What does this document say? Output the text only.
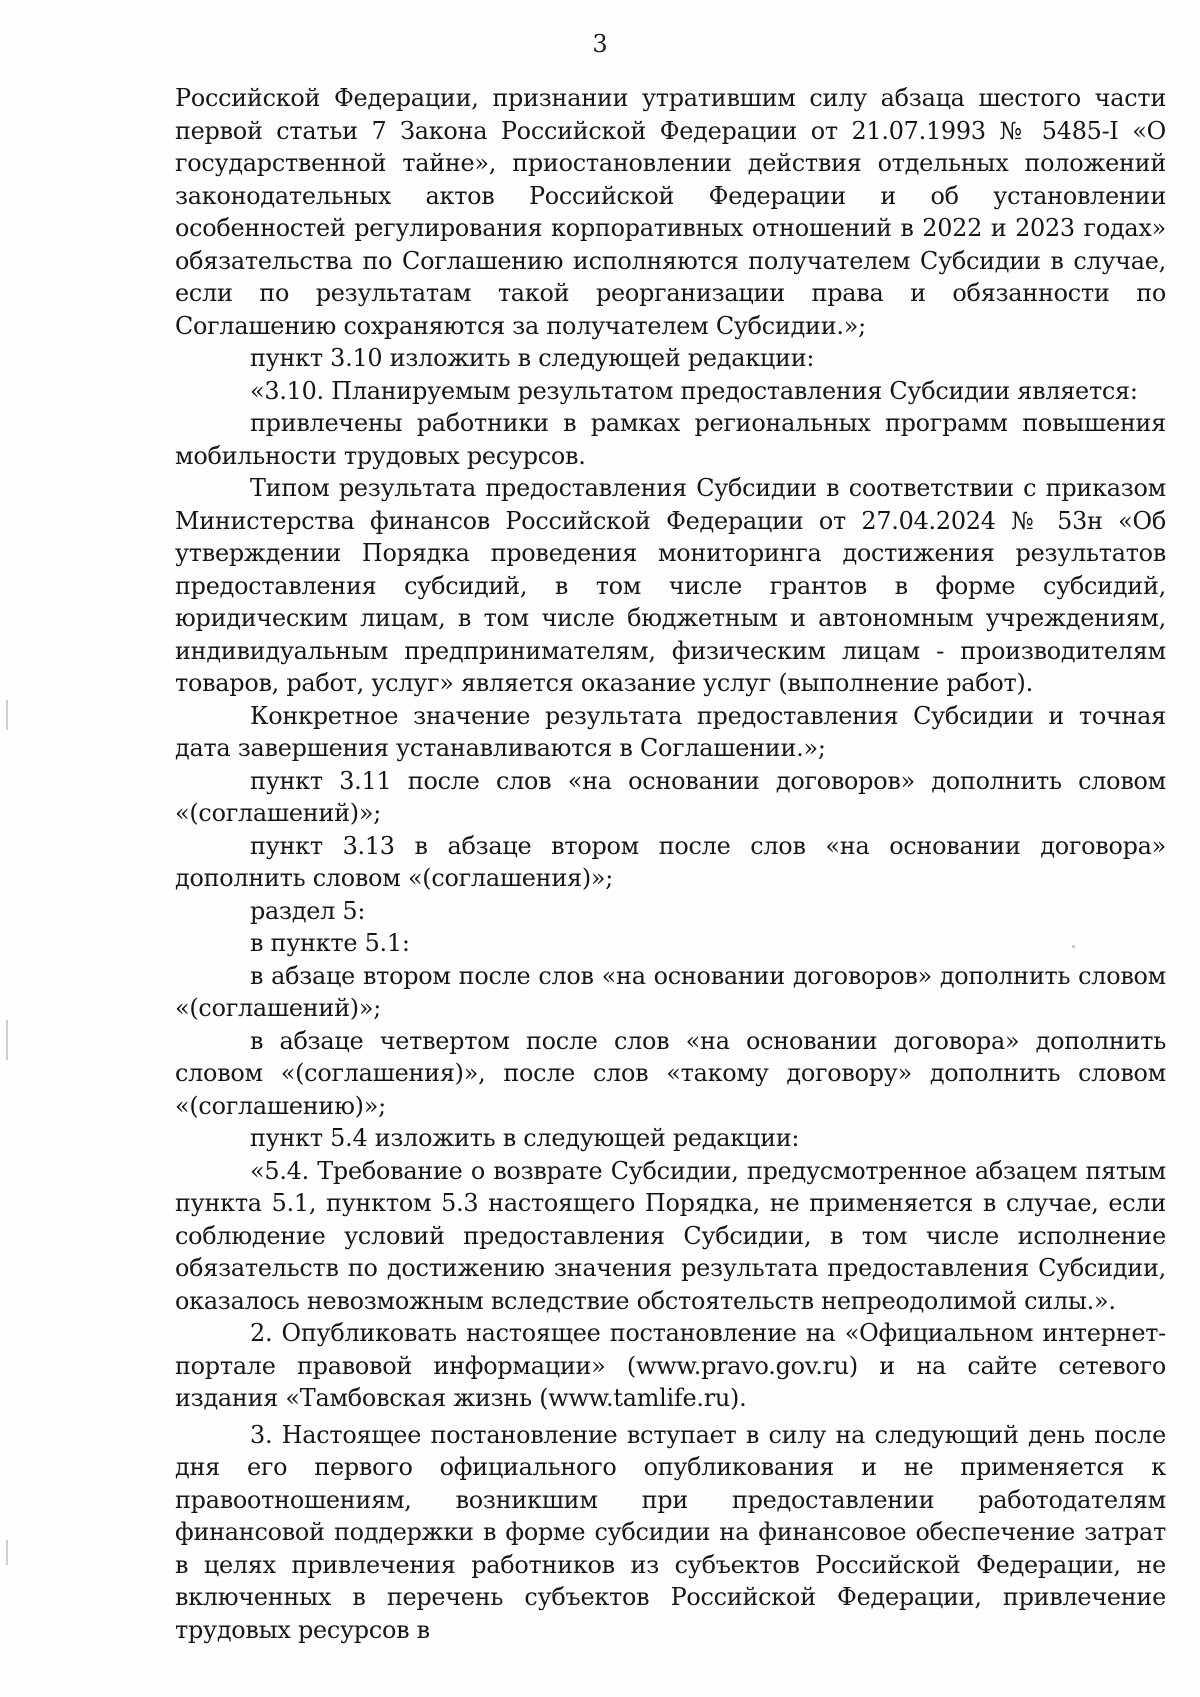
3

Российской Федерации, признании утратившим силу абзаца шестого части первой статьи 7 Закона Российской Федерации от 21.07.1993 № 5485-I «О государственной тайне», приостановлении действия отдельных положений законодательных актов Российской Федерации и об установлении особенностей регулирования корпоративных отношений в 2022 и 2023 годах» обязательства по Соглашению исполняются получателем Субсидии в случае, если по результатам такой реорганизации права и обязанности по Соглашению сохраняются за получателем Субсидии.»;

пункт 3.10 изложить в следующей редакции:

«3.10. Планируемым результатом предоставления Субсидии является:

привлечены работники в рамках региональных программ повышения мобильности трудовых ресурсов.

Типом результата предоставления Субсидии в соответствии с приказом Министерства финансов Российской Федерации от 27.04.2024 № 53н «Об утверждении Порядка проведения мониторинга достижения результатов предоставления субсидий, в том числе грантов в форме субсидий, юридическим лицам, в том числе бюджетным и автономным учреждениям, индивидуальным предпринимателям, физическим лицам - производителям товаров, работ, услуг» является оказание услуг (выполнение работ).

Конкретное значение результата предоставления Субсидии и точная дата завершения устанавливаются в Соглашении.»;

пункт 3.11 после слов «на основании договоров» дополнить словом «(соглашений)»;

пункт 3.13 в абзаце втором после слов «на основании договора» дополнить словом «(соглашения)»;

раздел 5:

в пункте 5.1:

в абзаце втором после слов «на основании договоров» дополнить словом «(соглашений)»;

в абзаце четвертом после слов «на основании договора» дополнить словом «(соглашения)», после слов «такому договору» дополнить словом «(соглашению)»;

пункт 5.4 изложить в следующей редакции:

«5.4. Требование о возврате Субсидии, предусмотренное абзацем пятым пункта 5.1, пунктом 5.3 настоящего Порядка, не применяется в случае, если соблюдение условий предоставления Субсидии, в том числе исполнение обязательств по достижению значения результата предоставления Субсидии, оказалось невозможным вследствие обстоятельств непреодолимой силы.».

2. Опубликовать настоящее постановление на «Официальном интернет-портале правовой информации» (www.pravo.gov.ru) и на сайте сетевого издания «Тамбовская жизнь (www.tamlife.ru).

3. Настоящее постановление вступает в силу на следующий день после дня его первого официального опубликования и не применяется к правоотношениям, возникшим при предоставлении работодателям финансовой поддержки в форме субсидии на финансовое обеспечение затрат в целях привлечения работников из субъектов Российской Федерации, не включенных в перечень субъектов Российской Федерации, привлечение трудовых ресурсов в
